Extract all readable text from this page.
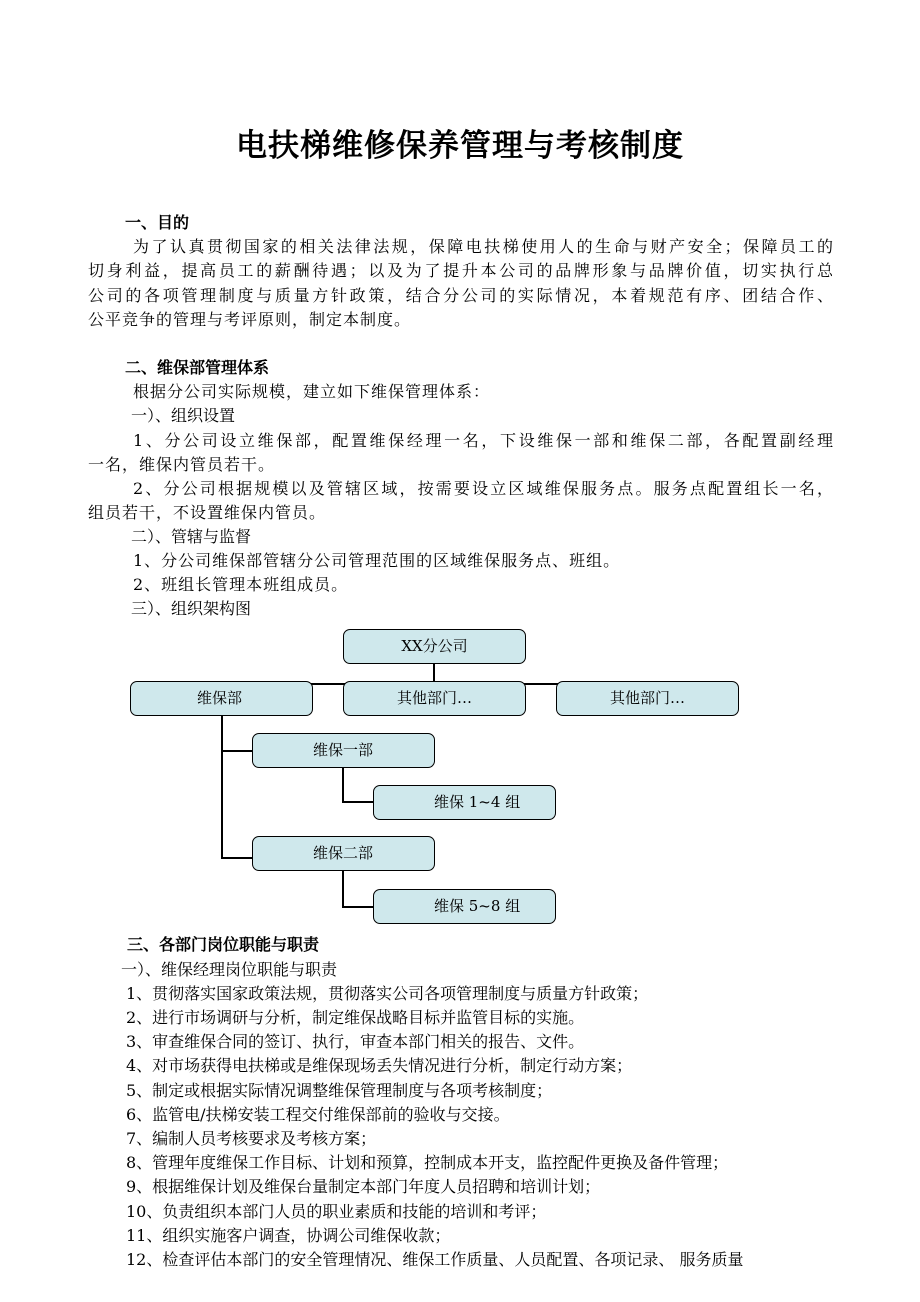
电扶梯维修保养管理与考核制度
一、目的
为了认真贯彻国家的相关法律法规，保障电扶梯使用人的生命与财产安全；保障员工的
切身利益，提高员工的薪酬待遇；以及为了提升本公司的品牌形象与品牌价值，切实执行总
公司的各项管理制度与质量方针政策，结合分公司的实际情况，本着规范有序、团结合作、
公平竞争的管理与考评原则，制定本制度。
二、维保部管理体系
根据分公司实际规模，建立如下维保管理体系：
一）、组织设置
1、分公司设立维保部，配置维保经理一名，下设维保一部和维保二部，各配置副经理
一名，维保内管员若干。
2、分公司根据规模以及管辖区域，按需要设立区域维保服务点。服务点配置组长一名，
组员若干，不设置维保内管员。
二）、管辖与监督
1、分公司维保部管辖分公司管理范围的区域维保服务点、班组。
2、班组长管理本班组成员。
三）、组织架构图
XX分公司
维保部	其他部门…	其他部门…
维保一部
维保 1~4 组
维保二部
维保 5~8 组
三、各部门岗位职能与职责
一）、维保经理岗位职能与职责
1、贯彻落实国家政策法规，贯彻落实公司各项管理制度与质量方针政策；
2、进行市场调研与分析，制定维保战略目标并监管目标的实施。
3、审查维保合同的签订、执行，审查本部门相关的报告、文件。
4、对市场获得电扶梯或是维保现场丢失情况进行分析，制定行动方案；
5、制定或根据实际情况调整维保管理制度与各项考核制度；
6、监管电/扶梯安装工程交付维保部前的验收与交接。
7、编制人员考核要求及考核方案；
8、管理年度维保工作目标、计划和预算，控制成本开支，监控配件更换及备件管理；
9、根据维保计划及维保台量制定本部门年度人员招聘和培训计划；
10、负责组织本部门人员的职业素质和技能的培训和考评；
11、组织实施客户调查，协调公司维保收款；
12、检查评估本部门的安全管理情况、维保工作质量、人员配置、各项记录、 服务质量
